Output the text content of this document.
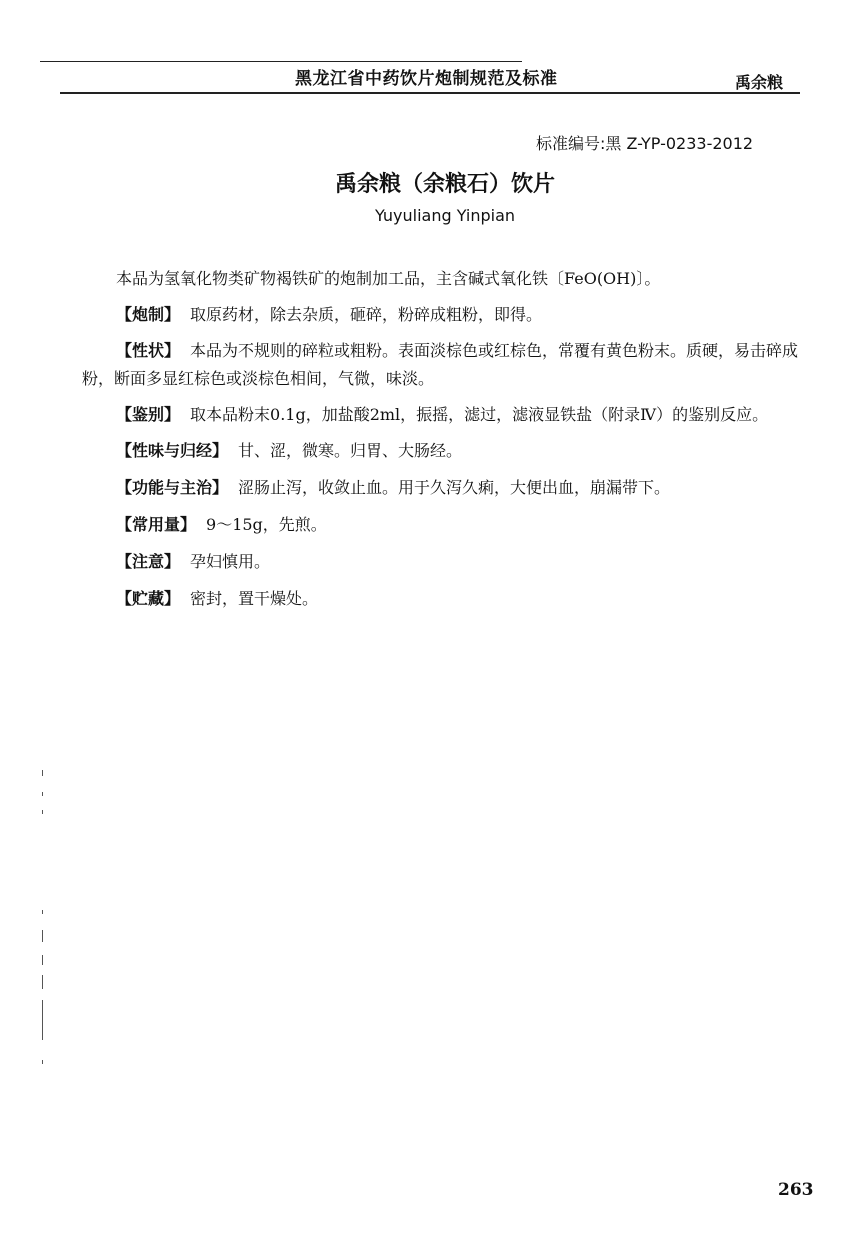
黑龙江省中药饮片炮制规范及标准	禹余粮
标准编号:黑 Z-YP-0233-2012
禹余粮（余粮石）饮片
Yuyuliang Yinpian

本品为氢氧化物类矿物褐铁矿的炮制加工品，主含碱式氧化铁〔FeO(OH)〕。

【炮制】 取原药材，除去杂质，砸碎，粉碎成粗粉，即得。

【性状】 本品为不规则的碎粒或粗粉。表面淡棕色或红棕色，常覆有黄色粉末。质硬，易击碎成粉，断面多显红棕色或淡棕色相间，气微，味淡。

【鉴别】 取本品粉末0.1g，加盐酸2ml，振摇，滤过，滤液显铁盐（附录Ⅳ）的鉴别反应。

【性味与归经】 甘、涩，微寒。归胃、大肠经。

【功能与主治】 涩肠止泻，收敛止血。用于久泻久痢，大便出血，崩漏带下。

【常用量】 9～15g，先煎。

【注意】 孕妇慎用。

【贮藏】 密封，置干燥处。

263
